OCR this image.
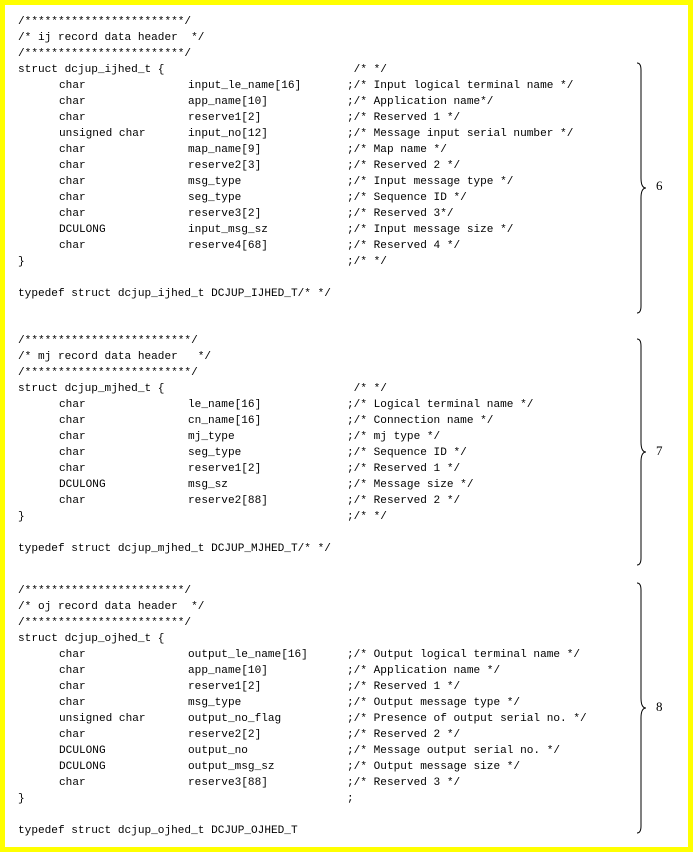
/************************/
/* ij record data header  */
/************************/
struct dcjup_ijhed_t {	/* */
char	input_le_name[16]	;/* Input logical terminal name */
char	app_name[10]	;/* Application name*/
char	reserve1[2]	;/* Reserved 1 */
unsigned char	input_no[12]	;/* Message input serial number */
char	map_name[9]	;/* Map name */
char	reserve2[3]	;/* Reserved 2 */
char	msg_type	;/* Input message type */
char	seg_type	;/* Sequence ID */
char	reserve3[2]	;/* Reserved 3*/
DCULONG	input_msg_sz	;/* Input message size */
char	reserve4[68]	;/* Reserved 4 */
}	;/* */
typedef struct dcjup_ijhed_t DCJUP_IJHED_T/* */
6
/*************************/
/* mj record data header   */
/*************************/
struct dcjup_mjhed_t {	/* */
char	le_name[16]	;/* Logical terminal name */
char	cn_name[16]	;/* Connection name */
char	mj_type	;/* mj type */
char	seg_type	;/* Sequence ID */
char	reserve1[2]	;/* Reserved 1 */
DCULONG	msg_sz	;/* Message size */
char	reserve2[88]	;/* Reserved 2 */
}	;/* */
typedef struct dcjup_mjhed_t DCJUP_MJHED_T/* */
7
/************************/
/* oj record data header  */
/************************/
struct dcjup_ojhed_t {
char	output_le_name[16]	;/* Output logical terminal name */
char	app_name[10]	;/* Application name */
char	reserve1[2]	;/* Reserved 1 */
char	msg_type	;/* Output message type */
unsigned char	output_no_flag	;/* Presence of output serial no. */
char	reserve2[2]	;/* Reserved 2 */
DCULONG	output_no	;/* Message output serial no. */
DCULONG	output_msg_sz	;/* Output message size */
char	reserve3[88]	;/* Reserved 3 */
}	;
typedef struct dcjup_ojhed_t DCJUP_OJHED_T
8
